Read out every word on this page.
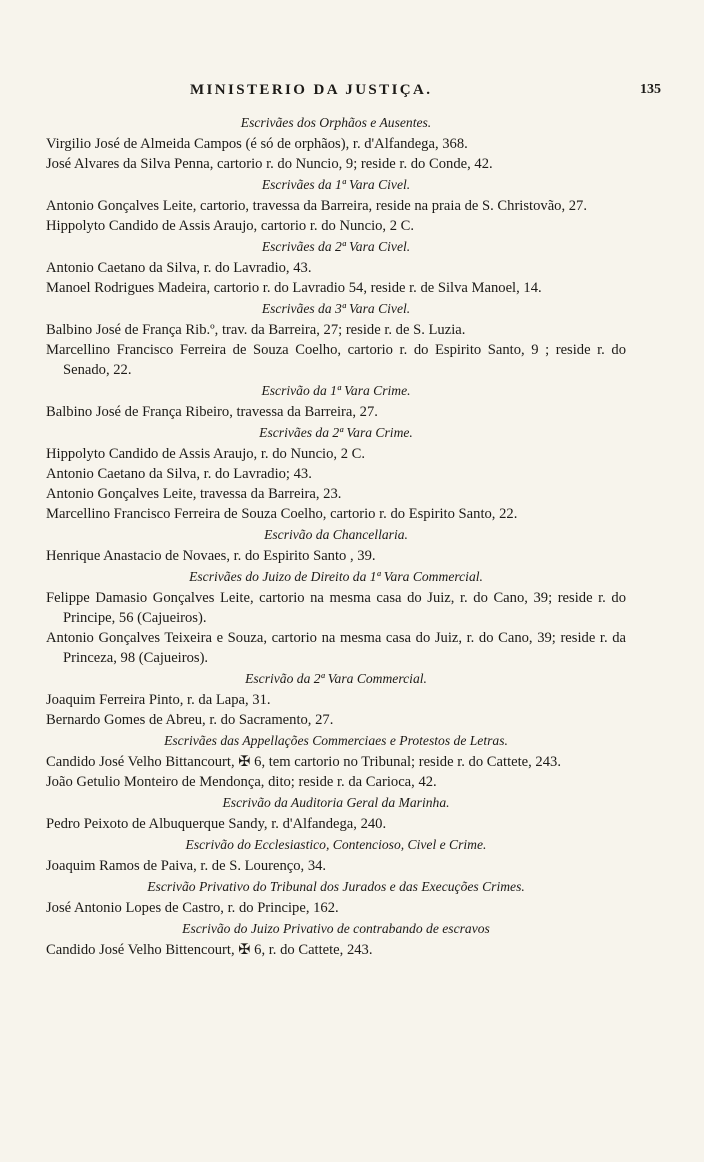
MINISTERIO DA JUSTIÇA.	135
Escrivães dos Orphãos e Ausentes.
Virgilio José de Almeida Campos (é só de orphãos), r. d'Alfandega, 368.
José Alvares da Silva Penna, cartorio r. do Nuncio, 9; reside r. do Conde, 42.
Escrivães da 1ª Vara Civel.
Antonio Gonçalves Leite, cartorio, travessa da Barreira, reside na praia de S. Christovão, 27.
Hippolyto Candido de Assis Araujo, cartorio r. do Nuncio, 2 C.
Escrivães da 2ª Vara Civel.
Antonio Caetano da Silva, r. do Lavradio, 43.
Manoel Rodrigues Madeira, cartorio r. do Lavradio 54, reside r. de Silva Manoel, 14.
Escrivães da 3ª Vara Civel.
Balbino José de França Rib.º, trav. da Barreira, 27; reside r. de S. Luzia.
Marcellino Francisco Ferreira de Souza Coelho, cartorio r. do Espirito Santo, 9 ; reside r. do Senado, 22.
Escrivão da 1ª Vara Crime.
Balbino José de França Ribeiro, travessa da Barreira, 27.
Escrivães da 2ª Vara Crime.
Hippolyto Candido de Assis Araujo, r. do Nuncio, 2 C.
Antonio Caetano da Silva, r. do Lavradio; 43.
Antonio Gonçalves Leite, travessa da Barreira, 23.
Marcellino Francisco Ferreira de Souza Coelho, cartorio r. do Espirito Santo, 22.
Escrivão da Chancellaria.
Henrique Anastacio de Novaes, r. do Espirito Santo , 39.
Escrivães do Juizo de Direito da 1ª Vara Commercial.
Felippe Damasio Gonçalves Leite, cartorio na mesma casa do Juiz, r. do Cano, 39; reside r. do Principe, 56 (Cajueiros).
Antonio Gonçalves Teixeira e Souza, cartorio na mesma casa do Juiz, r. do Cano, 39; reside r. da Princeza, 98 (Cajueiros).
Escrivão da 2ª Vara Commercial.
Joaquim Ferreira Pinto, r. da Lapa, 31.
Bernardo Gomes de Abreu, r. do Sacramento, 27.
Escrivães das Appellações Commerciaes e Protestos de Letras.
Candido José Velho Bittancourt, ✠ 6, tem cartorio no Tribunal; reside r. do Cattete, 243.
João Getulio Monteiro de Mendonça, dito; reside r. da Carioca, 42.
Escrivão da Auditoria Geral da Marinha.
Pedro Peixoto de Albuquerque Sandy, r. d'Alfandega, 240.
Escrivão do Ecclesiastico, Contencioso, Civel e Crime.
Joaquim Ramos de Paiva, r. de S. Lourenço, 34.
Escrivão Privativo do Tribunal dos Jurados e das Execuções Crimes.
José Antonio Lopes de Castro, r. do Principe, 162.
Escrivão do Juizo Privativo de contrabando de escravos
Candido José Velho Bittencourt, ✠ 6, r. do Cattete, 243.
